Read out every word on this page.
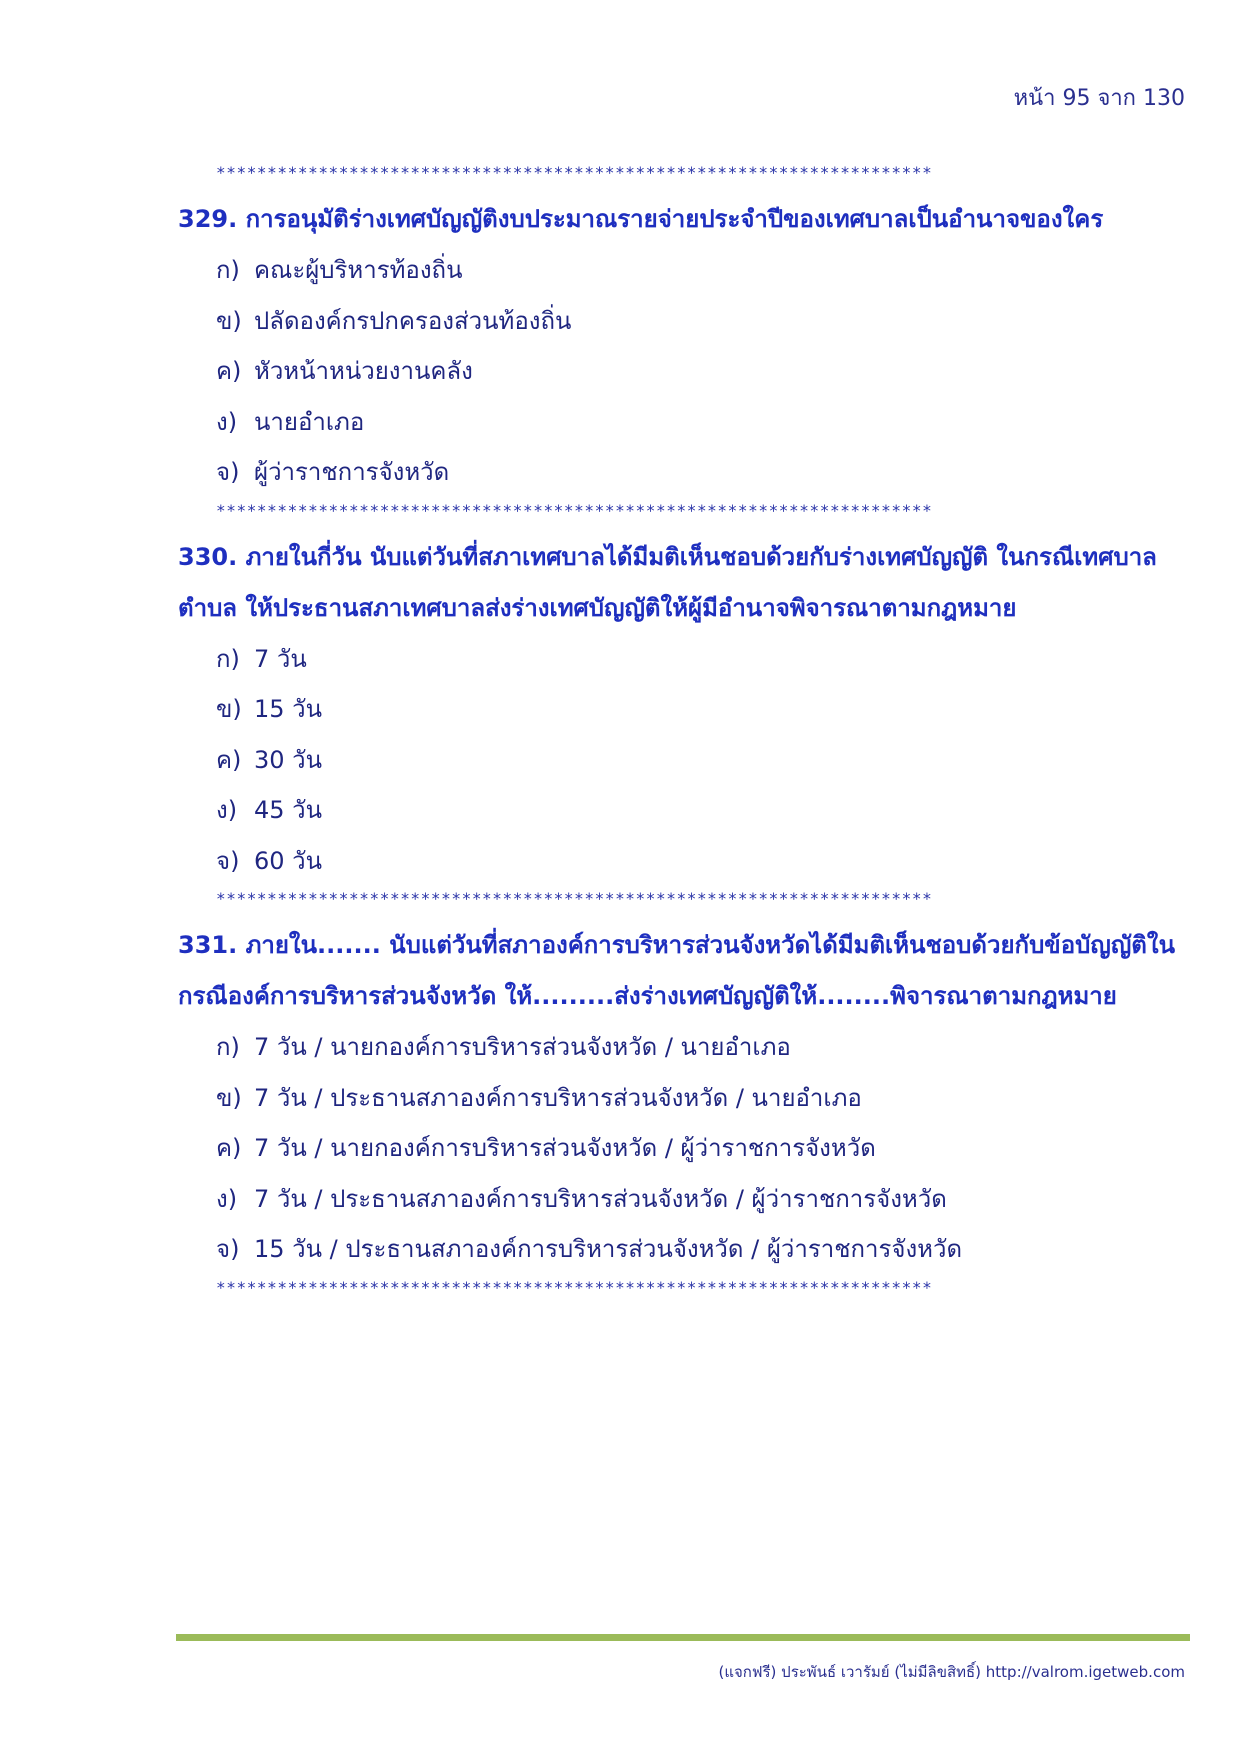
หน้า 95 จาก 130
**********************************************************************
329. การอนุมัติร่างเทศบัญญัติงบประมาณรายจ่ายประจำปีของเทศบาลเป็นอำนาจของใคร
ก) คณะผู้บริหารท้องถิ่น
ข) ปลัดองค์กรปกครองส่วนท้องถิ่น
ค) หัวหน้าหน่วยงานคลัง
ง) นายอำเภอ
จ) ผู้ว่าราชการจังหวัด
**********************************************************************
330. ภายในกี่วัน นับแต่วันที่สภาเทศบาลได้มีมติเห็นชอบด้วยกับร่างเทศบัญญัติ ในกรณีเทศบาลตำบล ให้ประธานสภาเทศบาลส่งร่างเทศบัญญัติให้ผู้มีอำนาจพิจารณาตามกฎหมาย
ก) 7 วัน
ข) 15 วัน
ค) 30 วัน
ง) 45 วัน
จ) 60 วัน
**********************************************************************
331. ภายใน....... นับแต่วันที่สภาองค์การบริหารส่วนจังหวัดได้มีมติเห็นชอบด้วยกับข้อบัญญัติในกรณีองค์การบริหารส่วนจังหวัด ให้.........ส่งร่างเทศบัญญัติให้........พิจารณาตามกฎหมาย
ก) 7 วัน / นายกองค์การบริหารส่วนจังหวัด / นายอำเภอ
ข) 7 วัน / ประธานสภาองค์การบริหารส่วนจังหวัด / นายอำเภอ
ค) 7 วัน / นายกองค์การบริหารส่วนจังหวัด / ผู้ว่าราชการจังหวัด
ง) 7 วัน / ประธานสภาองค์การบริหารส่วนจังหวัด / ผู้ว่าราชการจังหวัด
จ) 15 วัน / ประธานสภาองค์การบริหารส่วนจังหวัด / ผู้ว่าราชการจังหวัด
**********************************************************************
(แจกฟรี) ประพันธ์ เวารัมย์ (ไม่มีลิขสิทธิ์) http://valrom.igetweb.com
